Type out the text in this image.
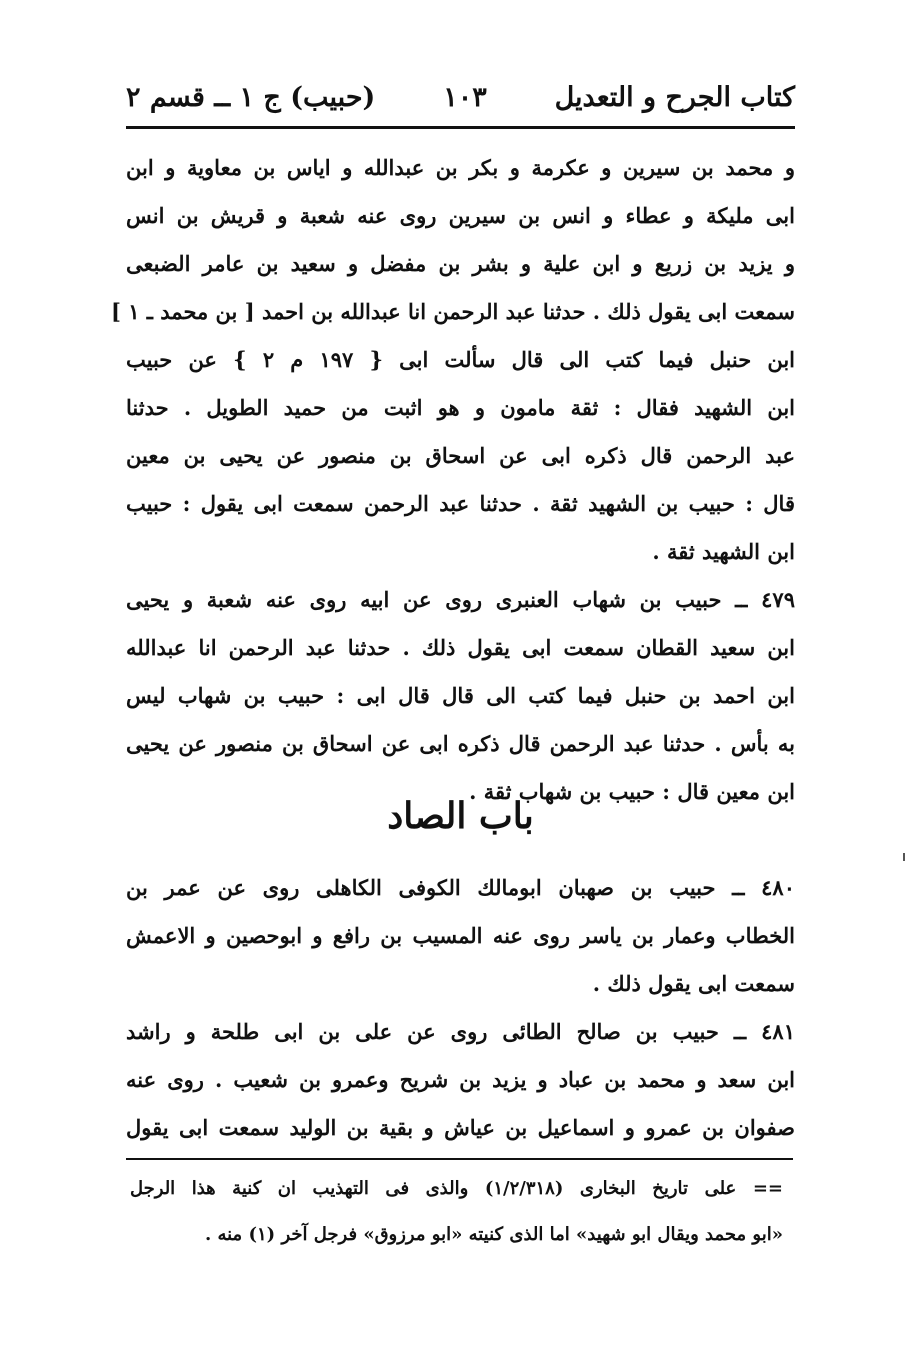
كتاب الجرح و التعديل
١٠٣
(حبيب) ج ١ ــ قسم ٢
و محمد بن سيرين و عكرمة و بكر بن عبدالله و اياس بن معاوية و ابن
ابى مليكة و عطاء و انس بن سيرين روى عنه شعبة و قريش بن انس
و يزيد بن زريع و ابن علية و بشر بن مفضل و سعيد بن عامر الضبعى
سمعت ابى يقول ذلك . حدثنا عبد الرحمن انا عبدالله بن احمد [ بن محمد ـ ١ ]
ابن حنبل فيما كتب الى قال سألت ابى { ١٩٧ م ٢ } عن حبيب
ابن الشهيد فقال : ثقة مامون و هو اثبت من حميد الطويل . حدثنا
عبد الرحمن قال ذكره ابى عن اسحاق بن منصور عن يحيى بن معين
قال : حبيب بن الشهيد ثقة . حدثنا عبد الرحمن سمعت ابى يقول : حبيب
ابن الشهيد ثقة .
٤٧٩ ــ حبيب بن شهاب العنبرى روى عن ابيه روى عنه شعبة و يحيى
ابن سعيد القطان سمعت ابى يقول ذلك . حدثنا عبد الرحمن انا عبدالله
ابن احمد بن حنبل فيما كتب الى قال قال ابى : حبيب بن شهاب ليس
به بأس . حدثنا عبد الرحمن قال ذكره ابى عن اسحاق بن منصور عن يحيى
ابن معين قال : حبيب بن شهاب ثقة .
باب الصاد
٤٨٠ ــ حبيب بن صهبان ابومالك الكوفى الكاهلى روى عن عمر بن
الخطاب وعمار بن ياسر روى عنه المسيب بن رافع و ابوحصين و الاعمش
سمعت ابى يقول ذلك .
٤٨١ ــ حبيب بن صالح الطائى روى عن على بن ابى طلحة و راشد
ابن سعد و محمد بن عباد و يزيد بن شريح وعمرو بن شعيب . روى عنه
صفوان بن عمرو و اسماعيل بن عياش و بقية بن الوليد سمعت ابى يقول
== على تاريخ البخارى (١/٢/٣١٨) والذى فى التهذيب ان كنية هذا الرجل
«ابو محمد ويقال ابو شهيد» اما الذى كنيته «ابو مرزوق» فرجل آخر (١) منه .
